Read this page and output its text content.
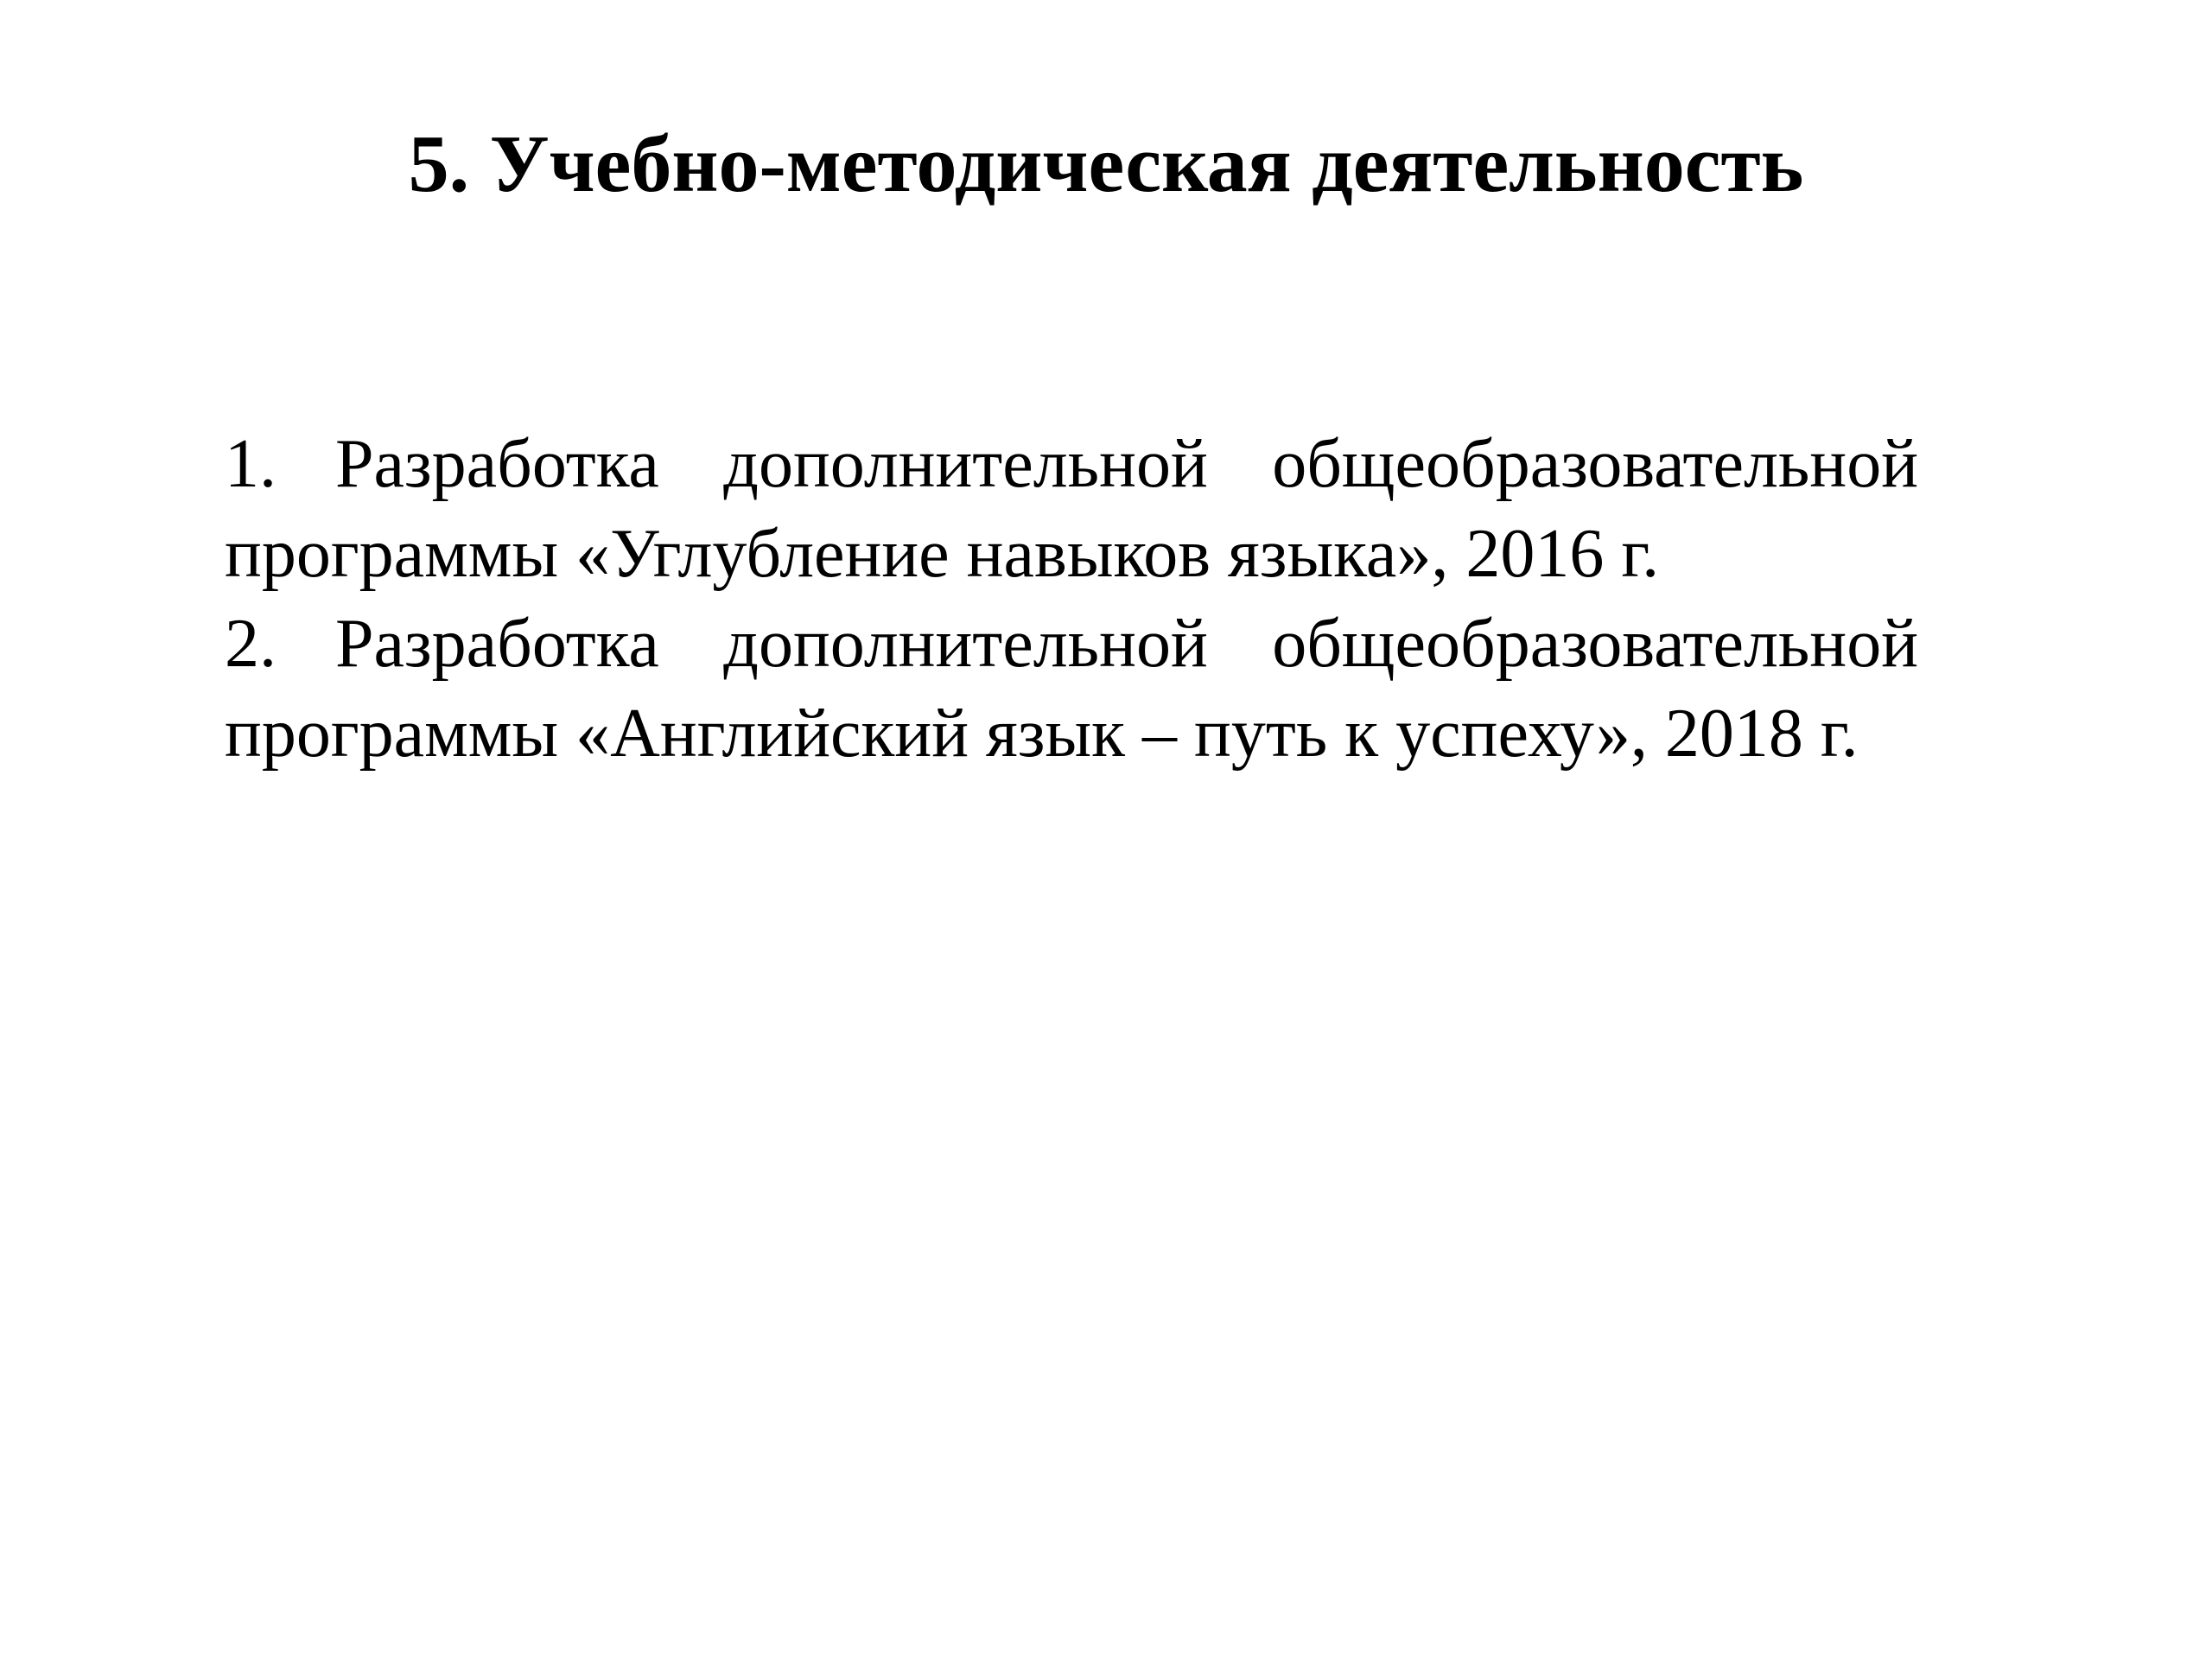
5. Учебно-методическая деятельность

1. Разработка дополнительной общеобразовательной программы «Углубление навыков языка», 2016 г.

2. Разработка дополнительной общеобразовательной программы «Английский язык – путь к успеху», 2018 г.
